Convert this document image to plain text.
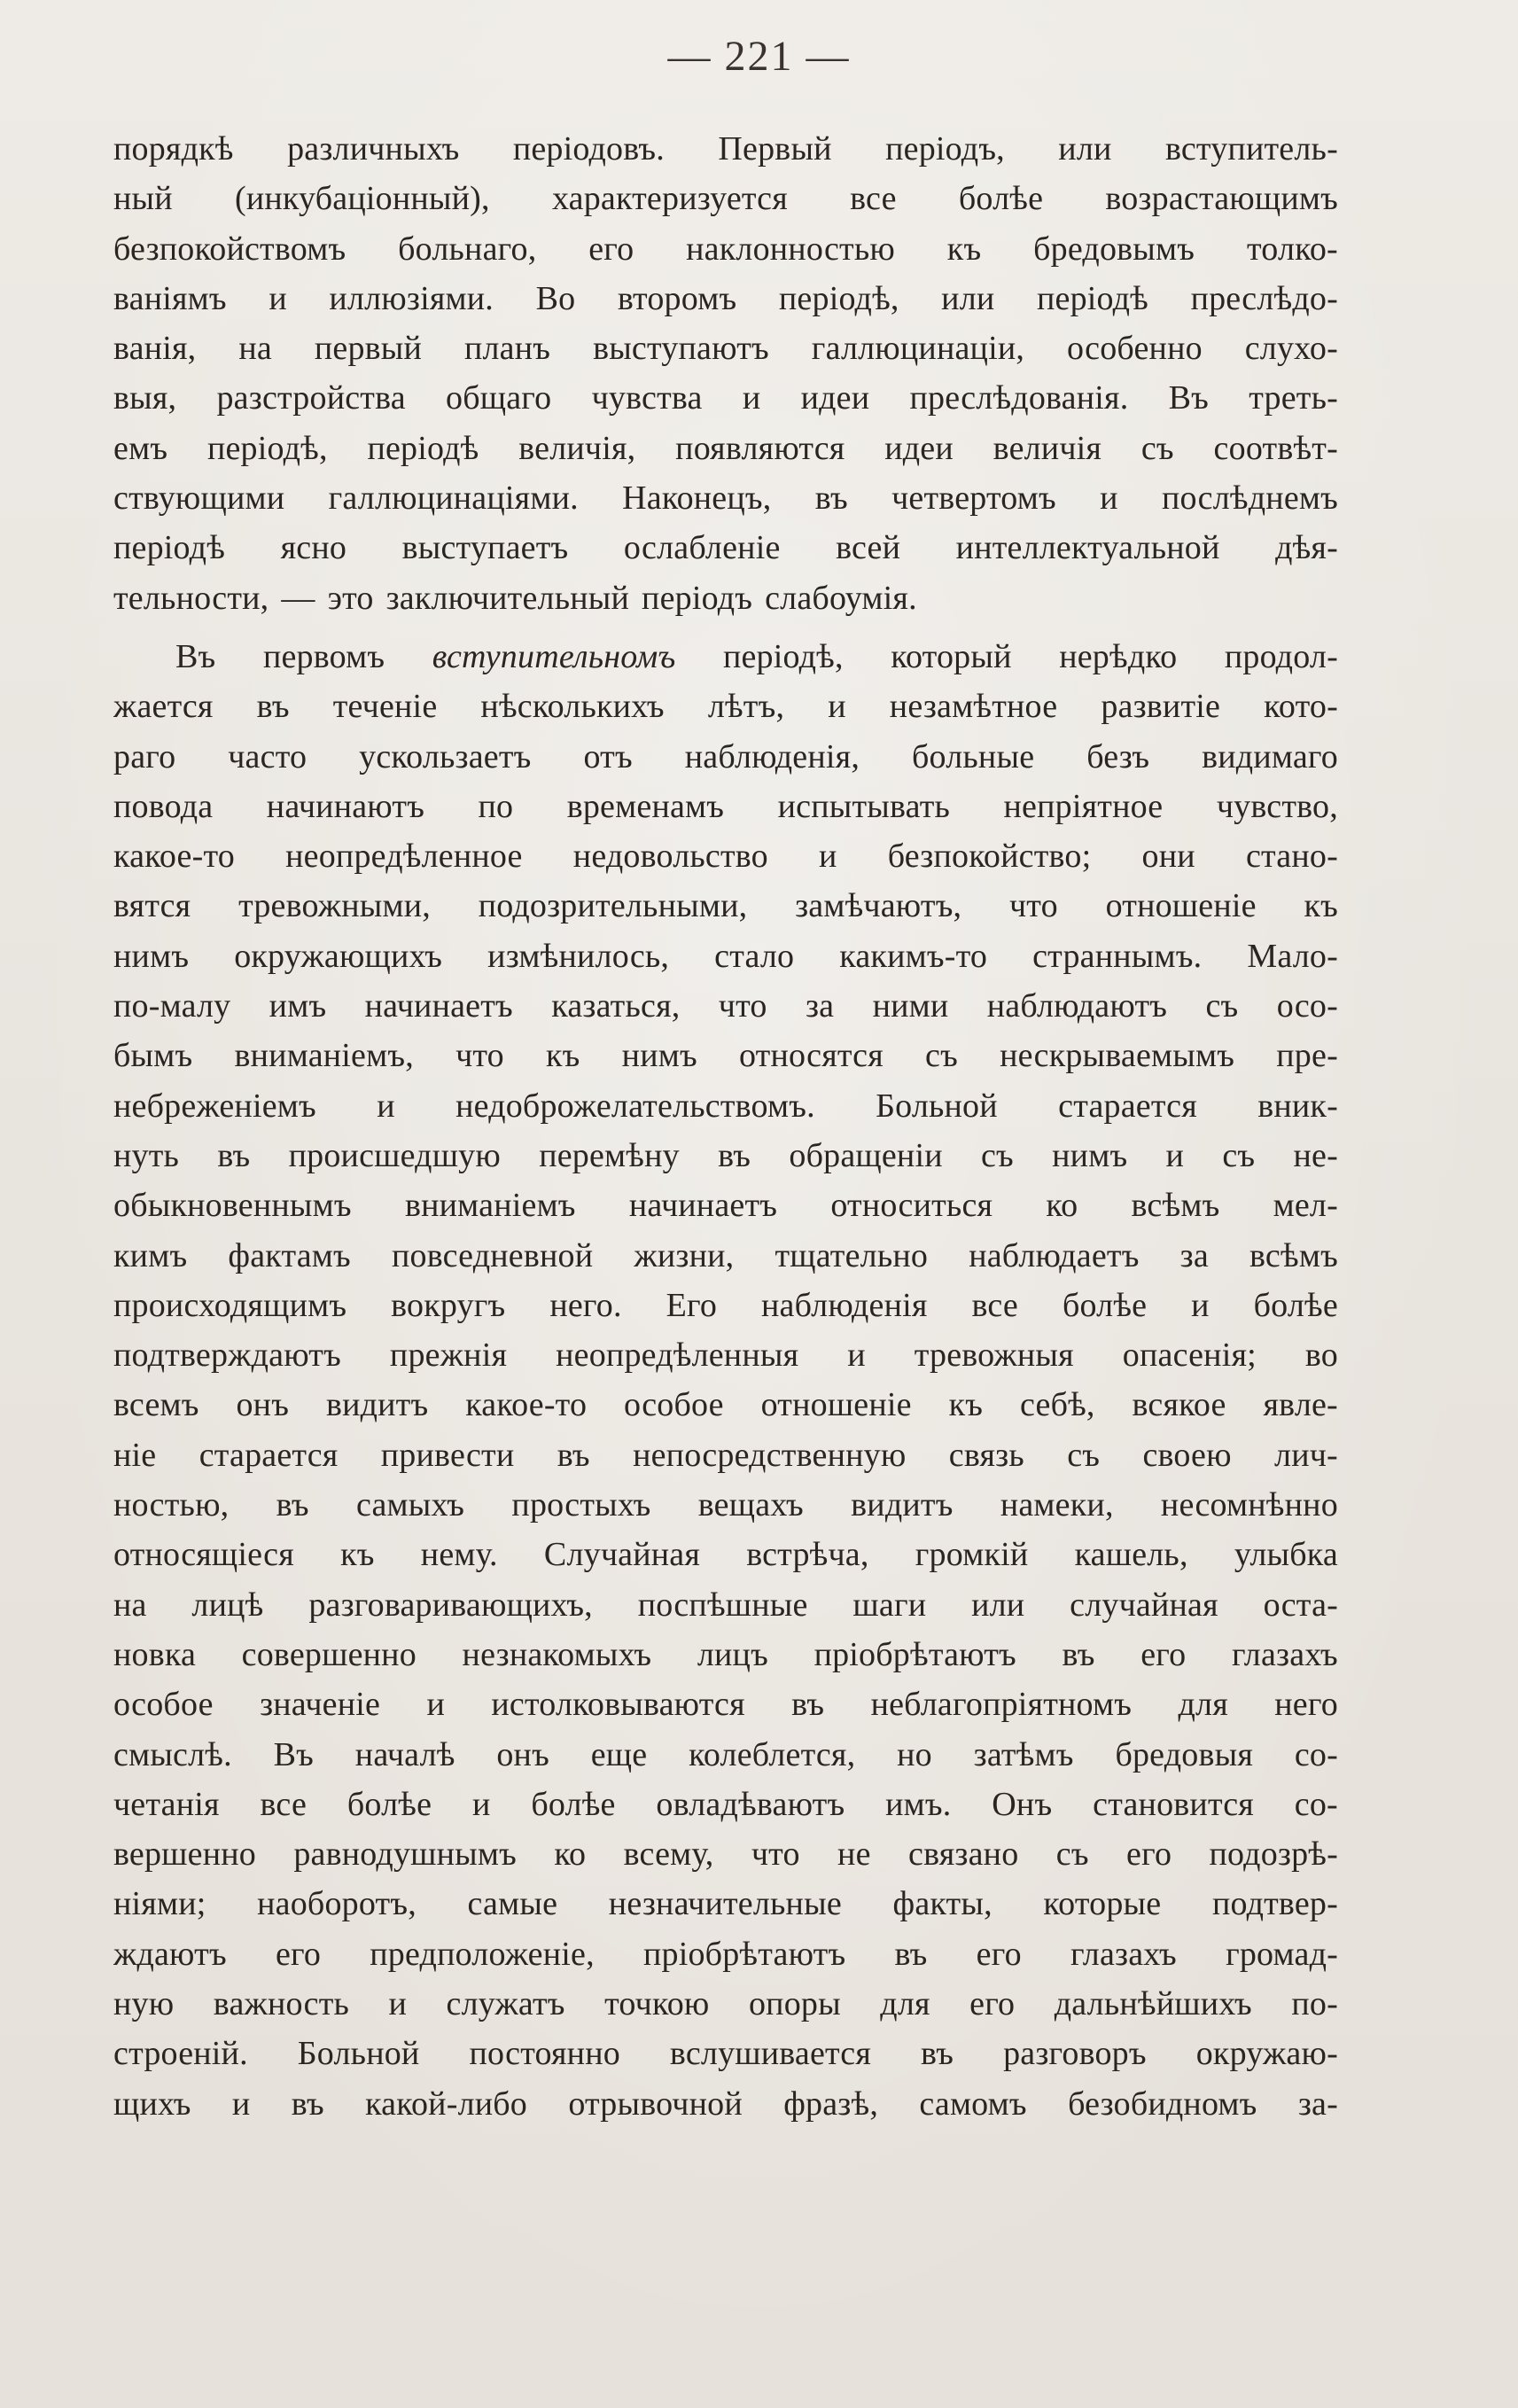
— 221 —
порядкѣ различныхъ періодовъ. Первый періодъ, или вступитель-
ный (инкубаціонный), характеризуется все болѣе возрастающимъ
безпокойствомъ больнаго, его наклонностью къ бредовымъ толко-
ваніямъ и иллюзіями. Во второмъ періодѣ, или періодѣ преслѣдо-
ванія, на первый планъ выступаютъ галлюцинаціи, особенно слухо-
выя, разстройства общаго чувства и идеи преслѣдованія. Въ треть-
емъ періодѣ, періодѣ величія, появляются идеи величія съ соотвѣт-
ствующими галлюцинаціями. Наконецъ, въ четвертомъ и послѣднемъ
періодѣ ясно выступаетъ ослабленіе всей интеллектуальной дѣя-
тельности, — это заключительный періодъ слабоумія.
Въ первомъ вступительномъ періодѣ, который нерѣдко продол-
жается въ теченіе нѣсколькихъ лѣтъ, и незамѣтное развитіе кото-
раго часто ускользаетъ отъ наблюденія, больные безъ видимаго
повода начинаютъ по временамъ испытывать непріятное чувство,
какое-то неопредѣленное недовольство и безпокойство; они стано-
вятся тревожными, подозрительными, замѣчаютъ, что отношеніе къ
нимъ окружающихъ измѣнилось, стало какимъ-то страннымъ. Мало-
по-малу имъ начинаетъ казаться, что за ними наблюдаютъ съ осо-
бымъ вниманіемъ, что къ нимъ относятся съ нескрываемымъ пре-
небреженіемъ и недоброжелательствомъ. Больной старается вник-
нуть въ происшедшую перемѣну въ обращеніи съ нимъ и съ не-
обыкновеннымъ вниманіемъ начинаетъ относиться ко всѣмъ мел-
кимъ фактамъ повседневной жизни, тщательно наблюдаетъ за всѣмъ
происходящимъ вокругъ него. Его наблюденія все болѣе и болѣе
подтверждаютъ прежнія неопредѣленныя и тревожныя опасенія; во
всемъ онъ видитъ какое-то особое отношеніе къ себѣ, всякое явле-
ніе старается привести въ непосредственную связь съ своею лич-
ностью, въ самыхъ простыхъ вещахъ видитъ намеки, несомнѣнно
относящіеся къ нему. Случайная встрѣча, громкій кашель, улыбка
на лицѣ разговаривающихъ, поспѣшные шаги или случайная оста-
новка совершенно незнакомыхъ лицъ пріобрѣтаютъ въ его глазахъ
особое значеніе и истолковываются въ неблагопріятномъ для него
смыслѣ. Въ началѣ онъ еще колеблется, но затѣмъ бредовыя со-
четанія все болѣе и болѣе овладѣваютъ имъ. Онъ становится со-
вершенно равнодушнымъ ко всему, что не связано съ его подозрѣ-
ніями; наоборотъ, самые незначительные факты, которые подтвер-
ждаютъ его предположеніе, пріобрѣтаютъ въ его глазахъ громад-
ную важность и служатъ точкою опоры для его дальнѣйшихъ по-
строеній. Больной постоянно вслушивается въ разговоръ окружаю-
щихъ и въ какой-либо отрывочной фразѣ, самомъ безобидномъ за-
